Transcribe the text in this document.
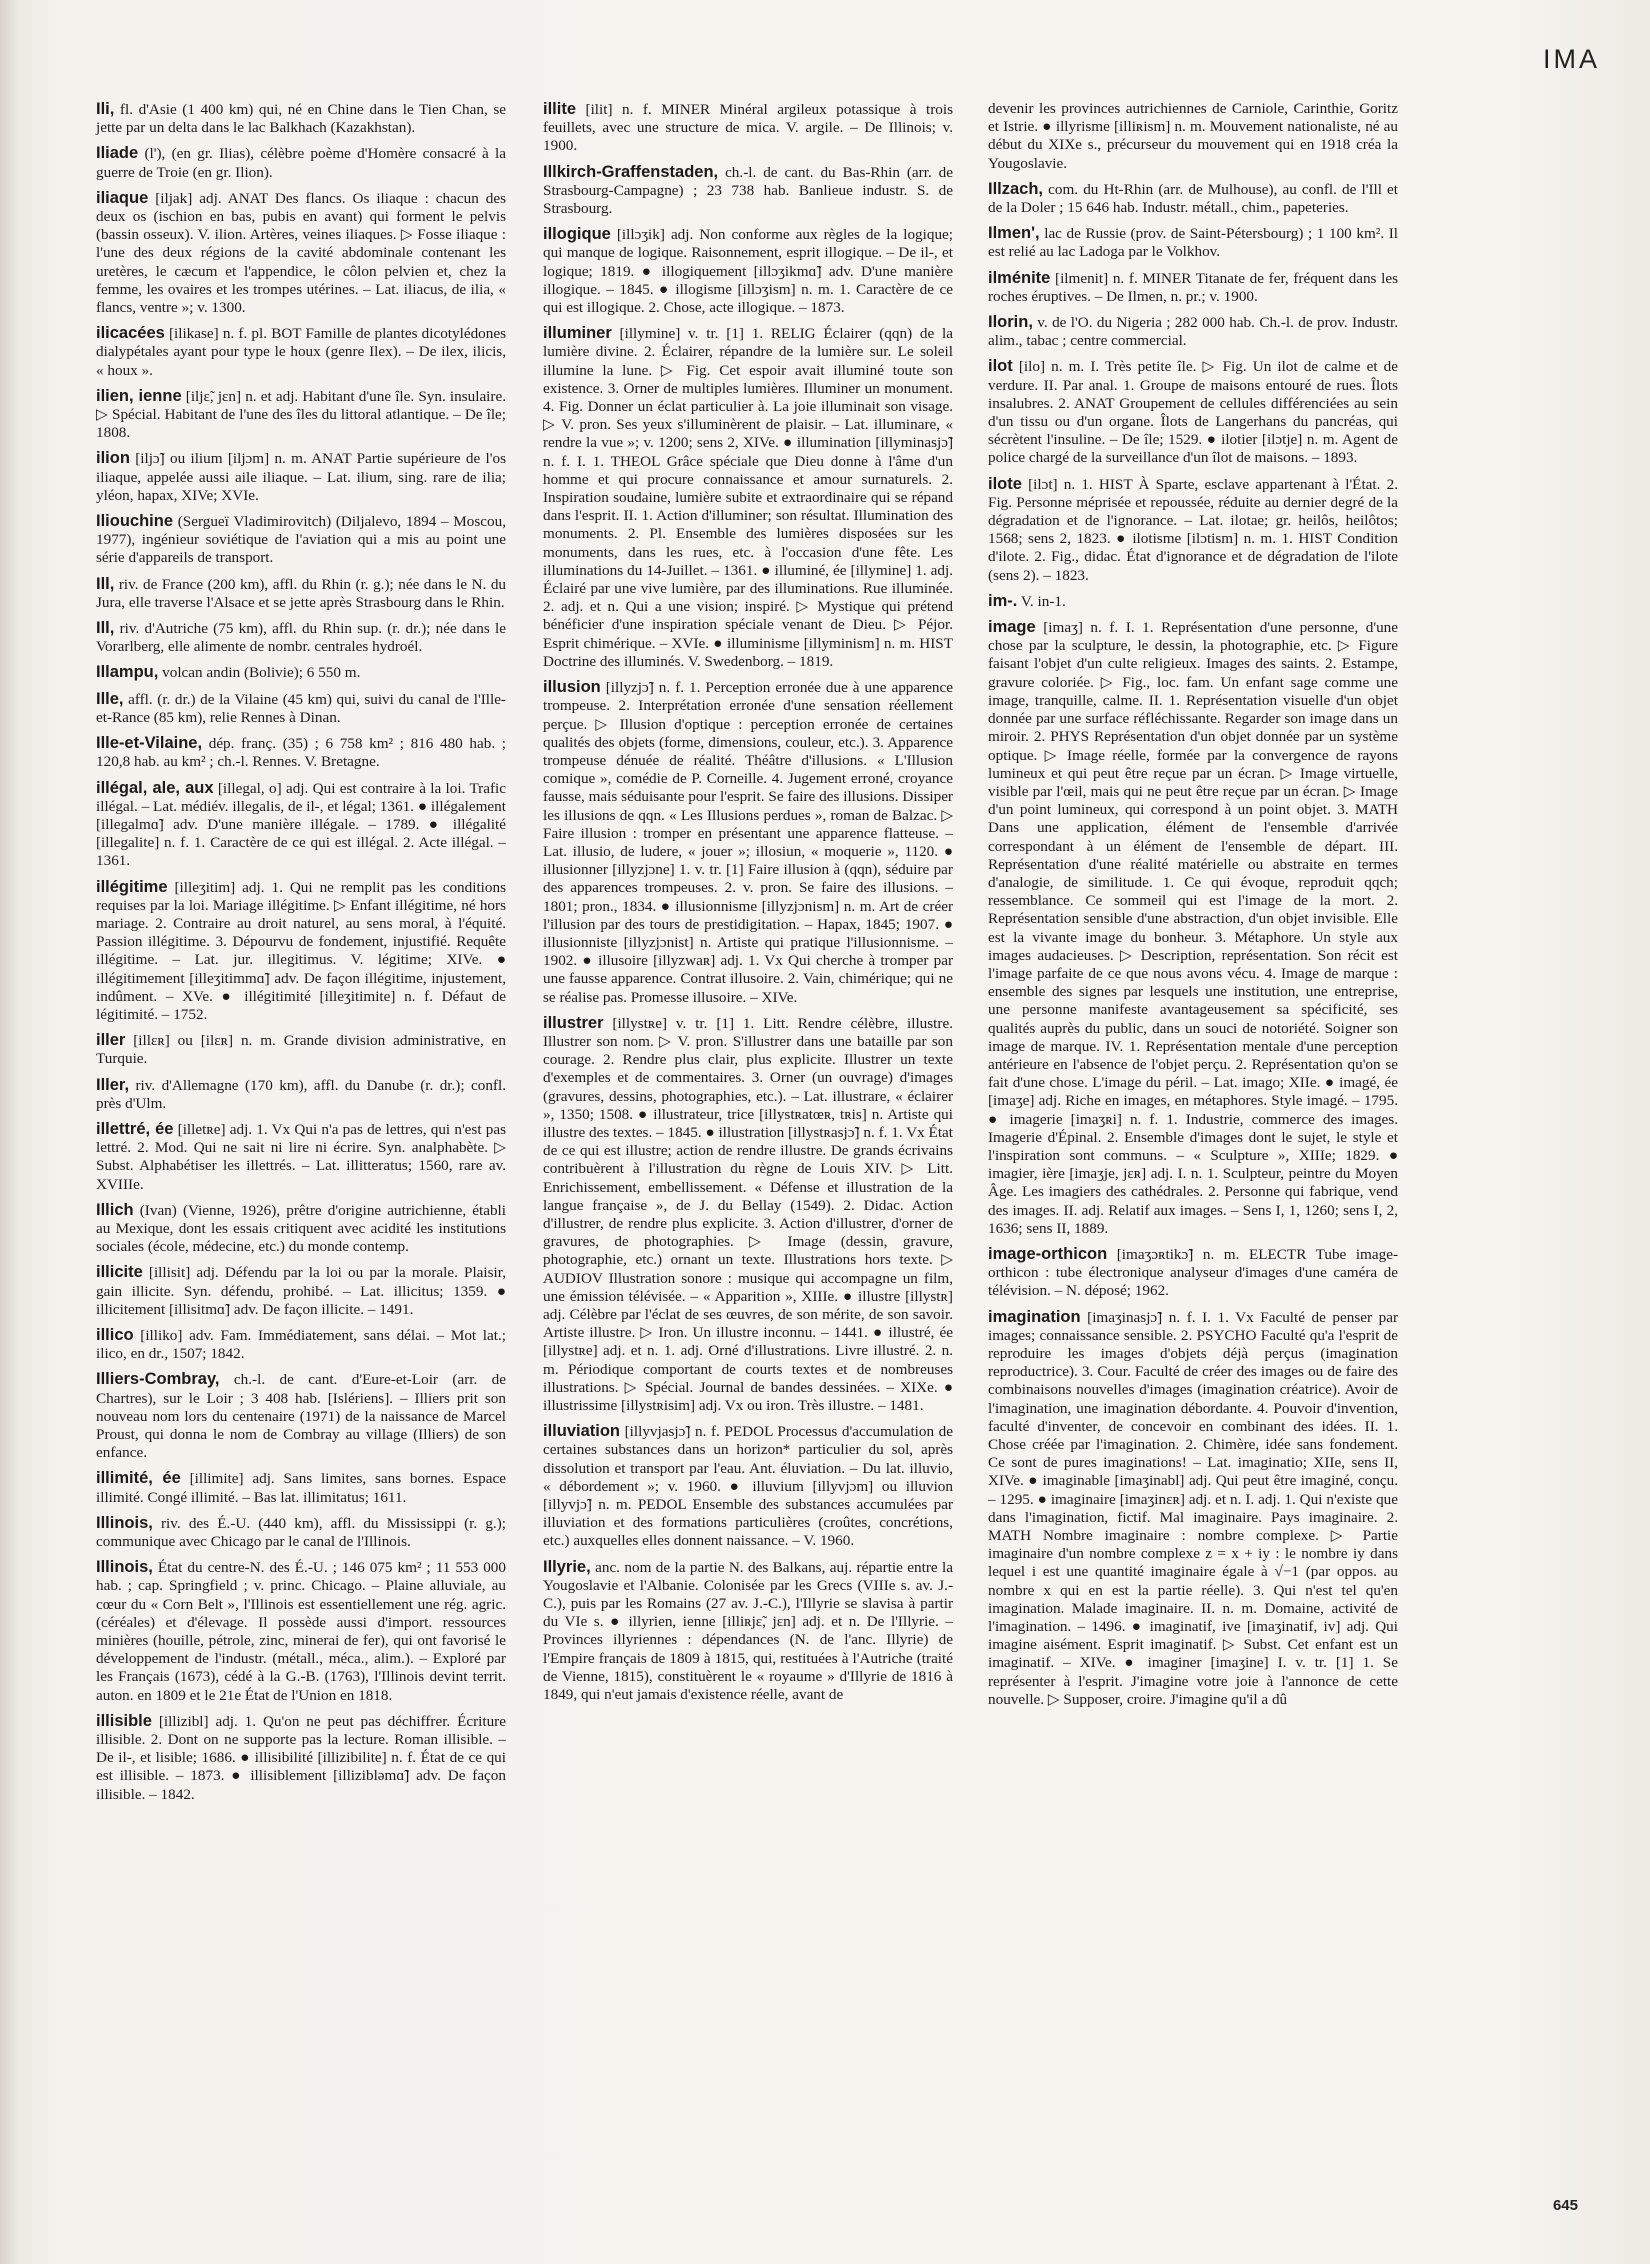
IMA

Ili, fl. d'Asie (1 400 km) qui, né en Chine dans le Tien Chan, se jette par un delta dans le lac Balkhach (Kazakhstan).

Iliade (l'), (en gr. Ilias), célèbre poème d'Homère consacré à la guerre de Troie (en gr. Ilion).

iliaque [iljak] adj. ANAT Des flancs. Os iliaque : chacun des deux os (ischion en bas, pubis en avant) qui forment le pelvis (bassin osseux). V. ilion. Artères, veines iliaques. ▷ Fosse iliaque : l'une des deux régions de la cavité abdominale contenant les uretères, le cæcum et l'appendice, le côlon pelvien et, chez la femme, les ovaires et les trompes utérines. – Lat. iliacus, de ilia, « flancs, ventre »; v. 1300.

ilicacées [ilikase] n. f. pl. BOT Famille de plantes dicotylédones dialypétales ayant pour type le houx (genre Ilex). – De ilex, ilicis, « houx ».

ilien, ienne [iljɛ̃, jɛn] n. et adj. Habitant d'une île. Syn. insulaire. ▷ Spécial. Habitant de l'une des îles du littoral atlantique. – De île; 1808.

ilion [iljɔ̃] ou ilium [iljɔm] n. m. ANAT Partie supérieure de l'os iliaque, appelée aussi aile iliaque. – Lat. ilium, sing. rare de ilia; yléon, hapax, XIVe; XVIe.

Iliouchine (Sergueï Vladimirovitch) (Diljalevo, 1894 – Moscou, 1977), ingénieur soviétique de l'aviation qui a mis au point une série d'appareils de transport.

Ill, riv. de France (200 km), affl. du Rhin (r. g.); née dans le N. du Jura, elle traverse l'Alsace et se jette après Strasbourg dans le Rhin.

Ill, riv. d'Autriche (75 km), affl. du Rhin sup. (r. dr.); née dans le Vorarlberg, elle alimente de nombr. centrales hydroél.

Illampu, volcan andin (Bolivie); 6 550 m.

Ille, affl. (r. dr.) de la Vilaine (45 km) qui, suivi du canal de l'Ille-et-Rance (85 km), relie Rennes à Dinan.

Ille-et-Vilaine, dép. franç. (35) ; 6 758 km² ; 816 480 hab. ; 120,8 hab. au km² ; ch.-l. Rennes. V. Bretagne.

illégal, ale, aux [illegal, o] adj. Qui est contraire à la loi. Trafic illégal. – Lat. médiév. illegalis, de il-, et légal; 1361. ● illégalement [illegalmɑ̃] adv. D'une manière illégale. – 1789. ● illégalité [illegalite] n. f. 1. Caractère de ce qui est illégal. 2. Acte illégal. – 1361.

illégitime [illeʒitim] adj. 1. Qui ne remplit pas les conditions requises par la loi. Mariage illégitime. ▷ Enfant illégitime, né hors mariage. 2. Contraire au droit naturel, au sens moral, à l'équité. Passion illégitime. 3. Dépourvu de fondement, injustifié. Requête illégitime. – Lat. jur. illegitimus. V. légitime; XIVe. ● illégitimement [illeʒitimmɑ̃] adv. De façon illégitime, injustement, indûment. – XVe. ● illégitimité [illeʒitimite] n. f. Défaut de légitimité. – 1752.

iller [illɛʀ] ou [ilɛʀ] n. m. Grande division administrative, en Turquie.

Iller, riv. d'Allemagne (170 km), affl. du Danube (r. dr.); confl. près d'Ulm.

illettré, ée [illetʀe] adj. 1. Vx Qui n'a pas de lettres, qui n'est pas lettré. 2. Mod. Qui ne sait ni lire ni écrire. Syn. analphabète. ▷ Subst. Alphabétiser les illettrés. – Lat. illitteratus; 1560, rare av. XVIIIe.

Illich (Ivan) (Vienne, 1926), prêtre d'origine autrichienne, établi au Mexique, dont les essais critiquent avec acidité les institutions sociales (école, médecine, etc.) du monde contemp.

illicite [illisit] adj. Défendu par la loi ou par la morale. Plaisir, gain illicite. Syn. défendu, prohibé. – Lat. illicitus; 1359. ● illicitement [illisitmɑ̃] adv. De façon illicite. – 1491.

illico [illiko] adv. Fam. Immédiatement, sans délai. – Mot lat.; ilico, en dr., 1507; 1842.

Illiers-Combray, ch.-l. de cant. d'Eure-et-Loir (arr. de Chartres), sur le Loir ; 3 408 hab. [Islériens]. – Illiers prit son nouveau nom lors du centenaire (1971) de la naissance de Marcel Proust, qui donna le nom de Combray au village (Illiers) de son enfance.

illimité, ée [illimite] adj. Sans limites, sans bornes. Espace illimité. Congé illimité. – Bas lat. illimitatus; 1611.

Illinois, riv. des É.-U. (440 km), affl. du Mississippi (r. g.); communique avec Chicago par le canal de l'Illinois.

Illinois, État du centre-N. des É.-U. ; 146 075 km² ; 11 553 000 hab. ; cap. Springfield ; v. princ. Chicago. – Plaine alluviale, au cœur du « Corn Belt », l'Illinois est essentiellement une rég. agric. (céréales) et d'élevage. Il possède aussi d'import. ressources minières (houille, pétrole, zinc, minerai de fer), qui ont favorisé le développement de l'industr. (métall., méca., alim.). – Exploré par les Français (1673), cédé à la G.-B. (1763), l'Illinois devint territ. auton. en 1809 et le 21e État de l'Union en 1818.

illisible [illizibl] adj. 1. Qu'on ne peut pas déchiffrer. Écriture illisible. 2. Dont on ne supporte pas la lecture. Roman illisible. – De il-, et lisible; 1686. ● illisibilité [illizibilite] n. f. État de ce qui est illisible. – 1873. ● illisiblement [illiziblәmɑ̃] adv. De façon illisible. – 1842.

illite [ilit] n. f. MINER Minéral argileux potassique à trois feuillets, avec une structure de mica. V. argile. – De Illinois; v. 1900.

Illkirch-Graffenstaden, ch.-l. de cant. du Bas-Rhin (arr. de Strasbourg-Campagne) ; 23 738 hab. Banlieue industr. S. de Strasbourg.

illogique [illɔʒik] adj. Non conforme aux règles de la logique; qui manque de logique. Raisonnement, esprit illogique. – De il-, et logique; 1819. ● illogiquement [illɔʒikmɑ̃] adv. D'une manière illogique. – 1845. ● illogisme [illɔʒism] n. m. 1. Caractère de ce qui est illogique. 2. Chose, acte illogique. – 1873.

illuminer [illymine] v. tr. [1] 1. RELIG Éclairer (qqn) de la lumière divine. 2. Éclairer, répandre de la lumière sur. Le soleil illumine la lune. ▷ Fig. Cet espoir avait illuminé toute son existence. 3. Orner de multiples lumières. Illuminer un monument. 4. Fig. Donner un éclat particulier à. La joie illuminait son visage. ▷ V. pron. Ses yeux s'illuminèrent de plaisir. – Lat. illuminare, « rendre la vue »; v. 1200; sens 2, XIVe. ● illumination [illyminasjɔ̃] n. f. I. 1. THEOL Grâce spéciale que Dieu donne à l'âme d'un homme et qui procure connaissance et amour surnaturels. 2. Inspiration soudaine, lumière subite et extraordinaire qui se répand dans l'esprit. II. 1. Action d'illuminer; son résultat. Illumination des monuments. 2. Pl. Ensemble des lumières disposées sur les monuments, dans les rues, etc. à l'occasion d'une fête. Les illuminations du 14-Juillet. – 1361. ● illuminé, ée [illymine] 1. adj. Éclairé par une vive lumière, par des illuminations. Rue illuminée. 2. adj. et n. Qui a une vision; inspiré. ▷ Mystique qui prétend bénéficier d'une inspiration spéciale venant de Dieu. ▷ Péjor. Esprit chimérique. – XVIe. ● illuminisme [illyminism] n. m. HIST Doctrine des illuminés. V. Swedenborg. – 1819.

illusion [illyzjɔ̃] n. f. 1. Perception erronée due à une apparence trompeuse. 2. Interprétation erronée d'une sensation réellement perçue. ▷ Illusion d'optique : perception erronée de certaines qualités des objets (forme, dimensions, couleur, etc.). 3. Apparence trompeuse dénuée de réalité. Théâtre d'illusions. « L'Illusion comique », comédie de P. Corneille. 4. Jugement erroné, croyance fausse, mais séduisante pour l'esprit. Se faire des illusions. Dissiper les illusions de qqn. « Les Illusions perdues », roman de Balzac. ▷ Faire illusion : tromper en présentant une apparence flatteuse. – Lat. illusio, de ludere, « jouer »; illosiun, « moquerie », 1120. ● illusionner [illyzjɔne] 1. v. tr. [1] Faire illusion à (qqn), séduire par des apparences trompeuses. 2. v. pron. Se faire des illusions. – 1801; pron., 1834. ● illusionnisme [illyzjɔnism] n. m. Art de créer l'illusion par des tours de prestidigitation. – Hapax, 1845; 1907. ● illusionniste [illyzjɔnist] n. Artiste qui pratique l'illusionnisme. – 1902. ● illusoire [illyzwaʀ] adj. 1. Vx Qui cherche à tromper par une fausse apparence. Contrat illusoire. 2. Vain, chimérique; qui ne se réalise pas. Promesse illusoire. – XIVe.

illustrer [illystʀe] v. tr. [1] 1. Litt. Rendre célèbre, illustre. Illustrer son nom. ▷ V. pron. S'illustrer dans une bataille par son courage. 2. Rendre plus clair, plus explicite. Illustrer un texte d'exemples et de commentaires. 3. Orner (un ouvrage) d'images (gravures, dessins, photographies, etc.). – Lat. illustrare, « éclairer », 1350; 1508. ● illustrateur, trice [illystʀatœʀ, tʀis] n. Artiste qui illustre des textes. – 1845. ● illustration [illystʀasjɔ̃] n. f. 1. Vx État de ce qui est illustre; action de rendre illustre. De grands écrivains contribuèrent à l'illustration du règne de Louis XIV. ▷ Litt. Enrichissement, embellissement. « Défense et illustration de la langue française », de J. du Bellay (1549). 2. Didac. Action d'illustrer, de rendre plus explicite. 3. Action d'illustrer, d'orner de gravures, de photographies. ▷ Image (dessin, gravure, photographie, etc.) ornant un texte. Illustrations hors texte. ▷ AUDIOV Illustration sonore : musique qui accompagne un film, une émission télévisée. – « Apparition », XIIIe. ● illustre [illystʀ] adj. Célèbre par l'éclat de ses œuvres, de son mérite, de son savoir. Artiste illustre. ▷ Iron. Un illustre inconnu. – 1441. ● illustré, ée [illystʀe] adj. et n. 1. adj. Orné d'illustrations. Livre illustré. 2. n. m. Périodique comportant de courts textes et de nombreuses illustrations. ▷ Spécial. Journal de bandes dessinées. – XIXe. ● illustrissime [illystʀisim] adj. Vx ou iron. Très illustre. – 1481.

illuviation [illyvjasjɔ̃] n. f. PEDOL Processus d'accumulation de certaines substances dans un horizon* particulier du sol, après dissolution et transport par l'eau. Ant. éluviation. – Du lat. illuvio, « débordement »; v. 1960. ● illuvium [illyvjɔm] ou illuvion [illyvjɔ̃] n. m. PEDOL Ensemble des substances accumulées par illuviation et des formations particulières (croûtes, concrétions, etc.) auxquelles elles donnent naissance. – V. 1960.

Illyrie, anc. nom de la partie N. des Balkans, auj. répartie entre la Yougoslavie et l'Albanie. Colonisée par les Grecs (VIIIe s. av. J.-C.), puis par les Romains (27 av. J.-C.), l'Illyrie se slavisa à partir du VIe s. ● illyrien, ienne [illiʀjɛ̃, jɛn] adj. et n. De l'Illyrie. – Provinces illyriennes : dépendances (N. de l'anc. Illyrie) de l'Empire français de 1809 à 1815, qui, restituées à l'Autriche (traité de Vienne, 1815), constituèrent le « royaume » d'Illyrie de 1816 à 1849, qui n'eut jamais d'existence réelle, avant de

devenir les provinces autrichiennes de Carniole, Carinthie, Goritz et Istrie. ● illyrisme [illiʀism] n. m. Mouvement nationaliste, né au début du XIXe s., précurseur du mouvement qui en 1918 créa la Yougoslavie.

Illzach, com. du Ht-Rhin (arr. de Mulhouse), au confl. de l'Ill et de la Doler ; 15 646 hab. Industr. métall., chim., papeteries.

Ilmen', lac de Russie (prov. de Saint-Pétersbourg) ; 1 100 km². Il est relié au lac Ladoga par le Volkhov.

ilménite [ilmenit] n. f. MINER Titanate de fer, fréquent dans les roches éruptives. – De Ilmen, n. pr.; v. 1900.

Ilorin, v. de l'O. du Nigeria ; 282 000 hab. Ch.-l. de prov. Industr. alim., tabac ; centre commercial.

ilot [ilo] n. m. I. Très petite île. ▷ Fig. Un ilot de calme et de verdure. II. Par anal. 1. Groupe de maisons entouré de rues. Îlots insalubres. 2. ANAT Groupement de cellules différenciées au sein d'un tissu ou d'un organe. Îlots de Langerhans du pancréas, qui sécrètent l'insuline. – De île; 1529. ● ilotier [ilɔtje] n. m. Agent de police chargé de la surveillance d'un îlot de maisons. – 1893.

ilote [ilɔt] n. 1. HIST À Sparte, esclave appartenant à l'État. 2. Fig. Personne méprisée et repoussée, réduite au dernier degré de la dégradation et de l'ignorance. – Lat. ilotae; gr. heilôs, heilôtos; 1568; sens 2, 1823. ● ilotisme [ilɔtism] n. m. 1. HIST Condition d'ilote. 2. Fig., didac. État d'ignorance et de dégradation de l'ilote (sens 2). – 1823.

im-. V. in-1.

image [imaʒ] n. f. I. 1. Représentation d'une personne, d'une chose par la sculpture, le dessin, la photographie, etc. ▷ Figure faisant l'objet d'un culte religieux. Images des saints. 2. Estampe, gravure coloriée. ▷ Fig., loc. fam. Un enfant sage comme une image, tranquille, calme. II. 1. Représentation visuelle d'un objet donnée par une surface réfléchissante. Regarder son image dans un miroir. 2. PHYS Représentation d'un objet donnée par un système optique. ▷ Image réelle, formée par la convergence de rayons lumineux et qui peut être reçue par un écran. ▷ Image virtuelle, visible par l'œil, mais qui ne peut être reçue par un écran. ▷ Image d'un point lumineux, qui correspond à un point objet. 3. MATH Dans une application, élément de l'ensemble d'arrivée correspondant à un élément de l'ensemble de départ. III. Représentation d'une réalité matérielle ou abstraite en termes d'analogie, de similitude. 1. Ce qui évoque, reproduit qqch; ressemblance. Ce sommeil qui est l'image de la mort. 2. Représentation sensible d'une abstraction, d'un objet invisible. Elle est la vivante image du bonheur. 3. Métaphore. Un style aux images audacieuses. ▷ Description, représentation. Son récit est l'image parfaite de ce que nous avons vécu. 4. Image de marque : ensemble des signes par lesquels une institution, une entreprise, une personne manifeste avantageusement sa spécificité, ses qualités auprès du public, dans un souci de notoriété. Soigner son image de marque. IV. 1. Représentation mentale d'une perception antérieure en l'absence de l'objet perçu. 2. Représentation qu'on se fait d'une chose. L'image du péril. – Lat. imago; XIIe. ● imagé, ée [imaʒe] adj. Riche en images, en métaphores. Style imagé. – 1795. ● imagerie [imaʒʀi] n. f. 1. Industrie, commerce des images. Imagerie d'Épinal. 2. Ensemble d'images dont le sujet, le style et l'inspiration sont communs. – « Sculpture », XIIIe; 1829. ● imagier, ière [imaʒje, jɛʀ] adj. I. n. 1. Sculpteur, peintre du Moyen Âge. Les imagiers des cathédrales. 2. Personne qui fabrique, vend des images. II. adj. Relatif aux images. – Sens I, 1, 1260; sens I, 2, 1636; sens II, 1889.

image-orthicon [imaʒɔʀtikɔ̃] n. m. ELECTR Tube image-orthicon : tube électronique analyseur d'images d'une caméra de télévision. – N. déposé; 1962.

imagination [imaʒinasjɔ̃] n. f. I. 1. Vx Faculté de penser par images; connaissance sensible. 2. PSYCHO Faculté qu'a l'esprit de reproduire les images d'objets déjà perçus (imagination reproductrice). 3. Cour. Faculté de créer des images ou de faire des combinaisons nouvelles d'images (imagination créatrice). Avoir de l'imagination, une imagination débordante. 4. Pouvoir d'invention, faculté d'inventer, de concevoir en combinant des idées. II. 1. Chose créée par l'imagination. 2. Chimère, idée sans fondement. Ce sont de pures imaginations! – Lat. imaginatio; XIIe, sens II, XIVe. ● imaginable [imaʒinabl] adj. Qui peut être imaginé, conçu. – 1295. ● imaginaire [imaʒinɛʀ] adj. et n. I. adj. 1. Qui n'existe que dans l'imagination, fictif. Mal imaginaire. Pays imaginaire. 2. MATH Nombre imaginaire : nombre complexe. ▷ Partie imaginaire d'un nombre complexe z = x + iy : le nombre iy dans lequel i est une quantité imaginaire égale à √−1 (par oppos. au nombre x qui en est la partie réelle). 3. Qui n'est tel qu'en imagination. Malade imaginaire. II. n. m. Domaine, activité de l'imagination. – 1496. ● imaginatif, ive [imaʒinatif, iv] adj. Qui imagine aisément. Esprit imaginatif. ▷ Subst. Cet enfant est un imaginatif. – XIVe. ● imaginer [imaʒine] I. v. tr. [1] 1. Se représenter à l'esprit. J'imagine votre joie à l'annonce de cette nouvelle. ▷ Supposer, croire. J'imagine qu'il a dû

645
